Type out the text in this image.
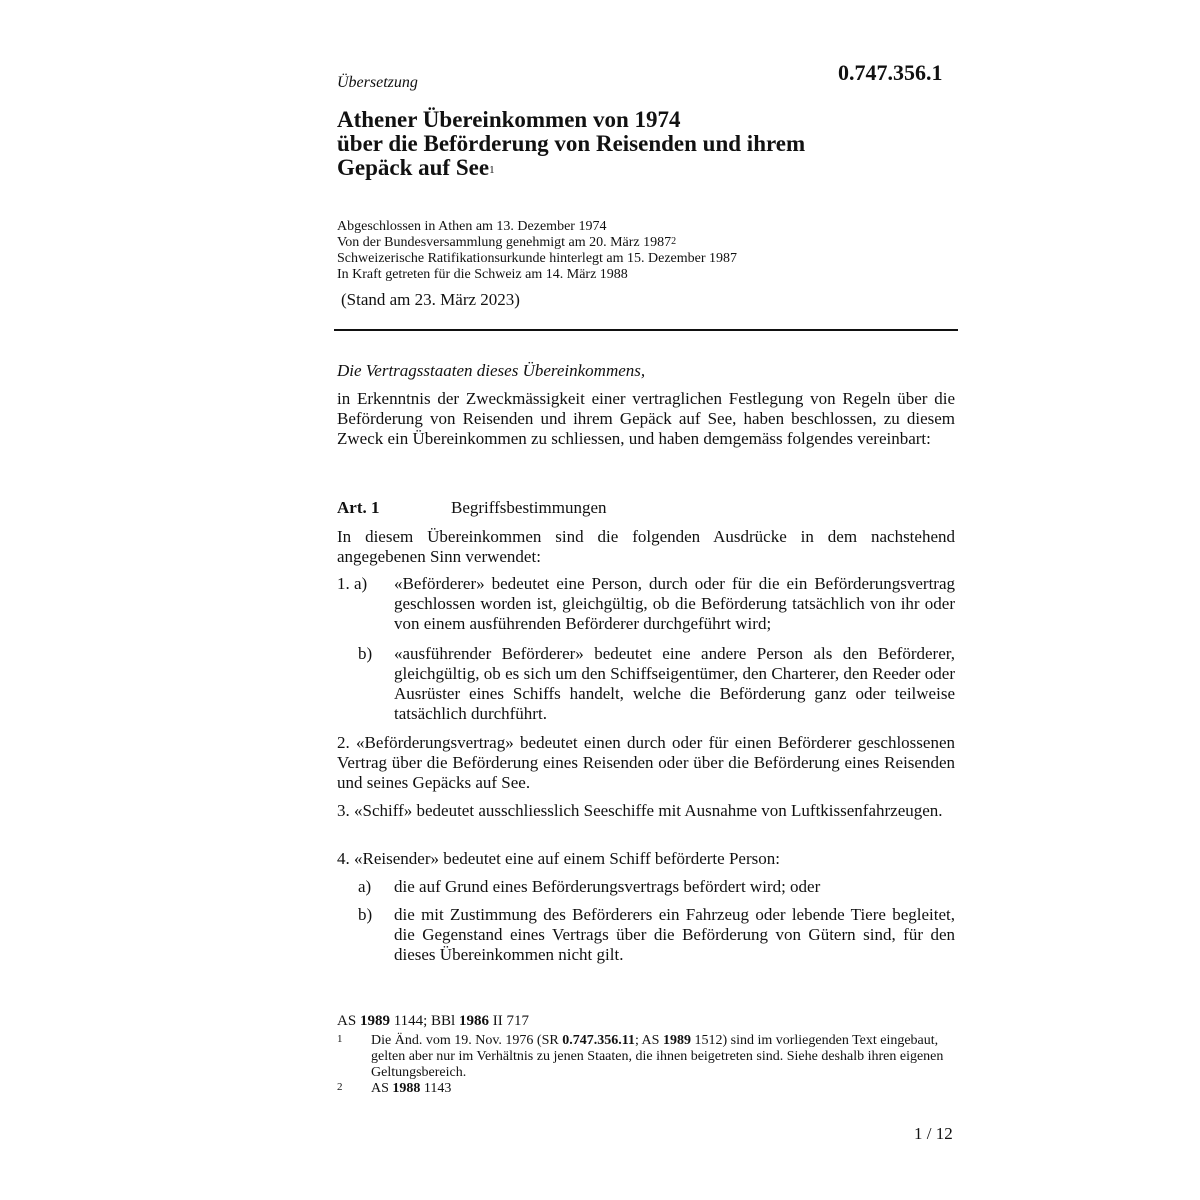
0.747.356.1
Übersetzung
Athener Übereinkommen von 1974
über die Beförderung von Reisenden und ihrem
Gepäck auf See$^1$
Abgeschlossen in Athen am 13. Dezember 1974
Von der Bundesversammlung genehmigt am 20. März 1987$^2$
Schweizerische Ratifikationsurkunde hinterlegt am 15. Dezember 1987
In Kraft getreten für die Schweiz am 14. März 1988
(Stand am 23. März 2023)
Die Vertragsstaaten dieses Übereinkommens,
in Erkenntnis der Zweckmässigkeit einer vertraglichen Festlegung von Regeln über die Beförderung von Reisenden und ihrem Gepäck auf See, haben beschlossen, zu diesem Zweck ein Übereinkommen zu schliessen, und haben demgemäss folgendes vereinbart:
Art. 1	Begriffsbestimmungen
In diesem Übereinkommen sind die folgenden Ausdrücke in dem nachstehend angegebenen Sinn verwendet:
1. a) «Beförderer» bedeutet eine Person, durch oder für die ein Beförderungsvertrag geschlossen worden ist, gleichgültig, ob die Beförderung tatsächlich von ihr oder von einem ausführenden Beförderer durchgeführt wird;
b) «ausführender Beförderer» bedeutet eine andere Person als den Beförderer, gleichgültig, ob es sich um den Schiffseigentümer, den Charterer, den Reeder oder Ausrüster eines Schiffs handelt, welche die Beförderung ganz oder teilweise tatsächlich durchführt.
2. «Beförderungsvertrag» bedeutet einen durch oder für einen Beförderer geschlossenen Vertrag über die Beförderung eines Reisenden oder über die Beförderung eines Reisenden und seines Gepäcks auf See.
3. «Schiff» bedeutet ausschliesslich Seeschiffe mit Ausnahme von Luftkissenfahrzeugen.
4. «Reisender» bedeutet eine auf einem Schiff beförderte Person:
a) die auf Grund eines Beförderungsvertrags befördert wird; oder
b) die mit Zustimmung des Beförderers ein Fahrzeug oder lebende Tiere begleitet, die Gegenstand eines Vertrags über die Beförderung von Gütern sind, für den dieses Übereinkommen nicht gilt.
AS 1989 1144; BBl 1986 II 717
1 Die Änd. vom 19. Nov. 1976 (SR 0.747.356.11; AS 1989 1512) sind im vorliegenden Text eingebaut, gelten aber nur im Verhältnis zu jenen Staaten, die ihnen beigetreten sind. Siehe deshalb ihren eigenen Geltungsbereich.
2 AS 1988 1143
1 / 12
